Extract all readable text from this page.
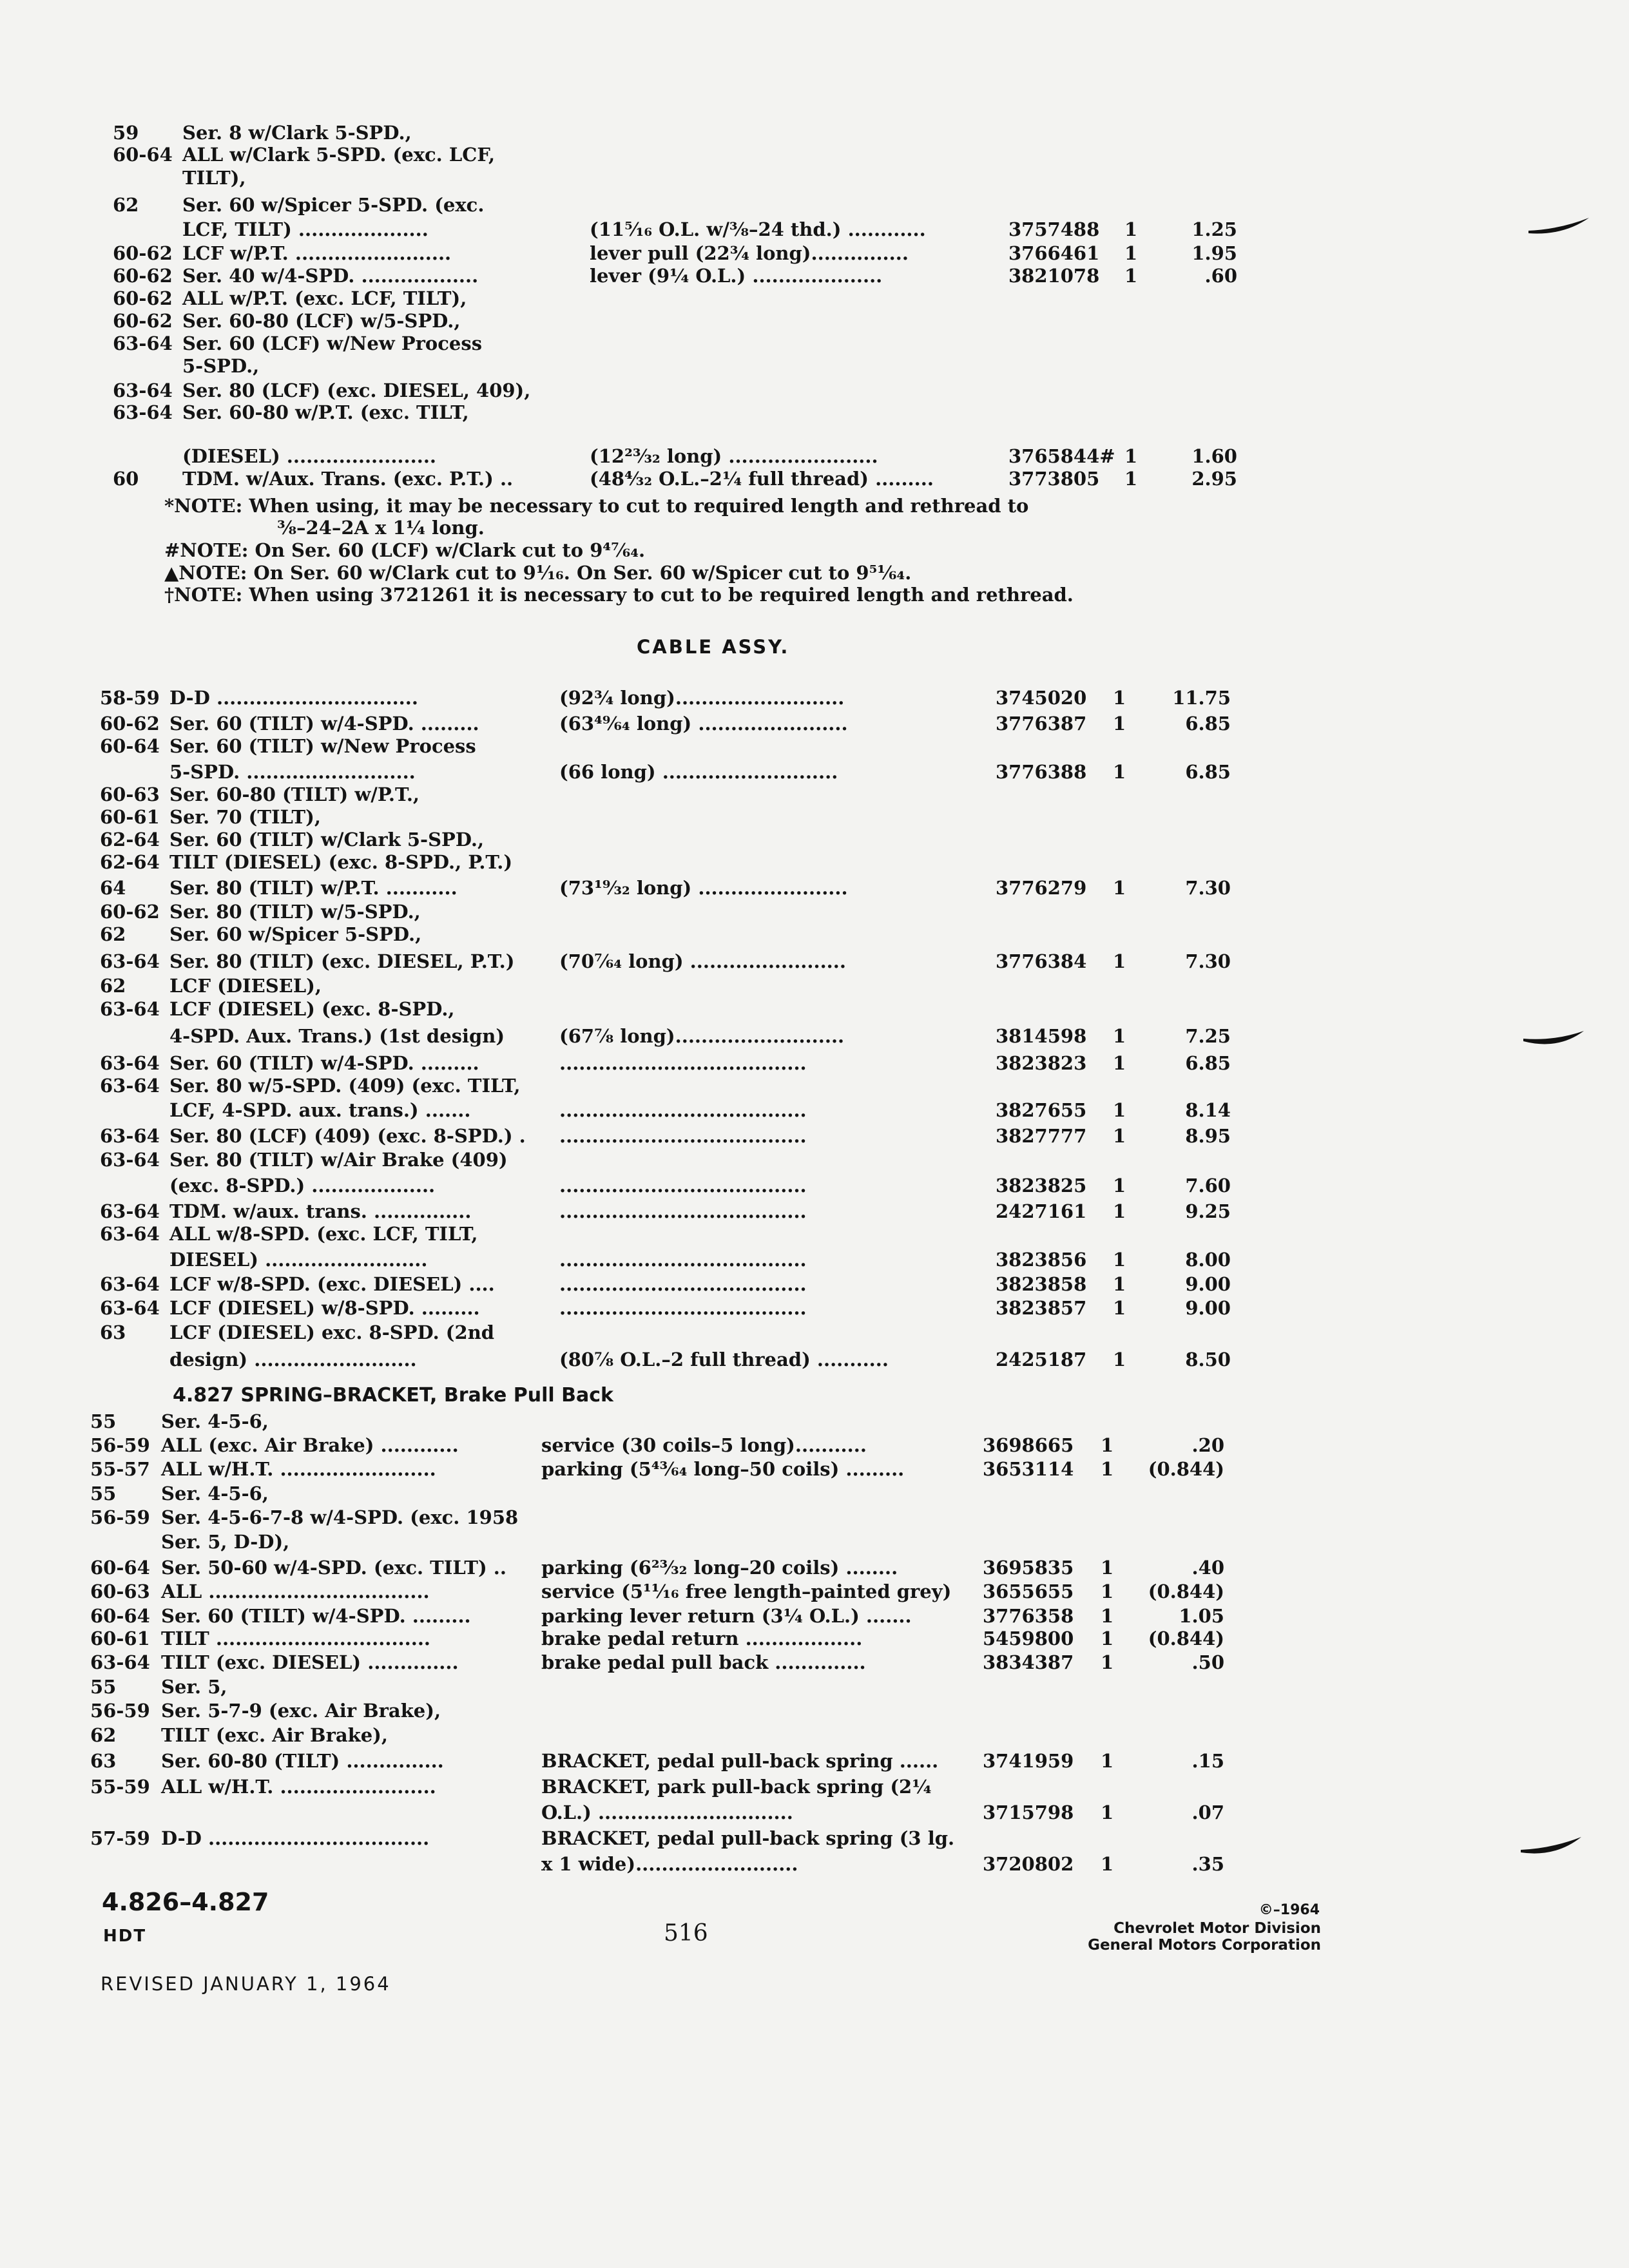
59	Ser. 8 w/Clark 5-SPD.,
60-64 ALL w/Clark 5-SPD. (exc. LCF,
TILT),
62	Ser. 60 w/Spicer 5-SPD. (exc.
LCF, TILT) ....................	(11⁵⁄₁₆ O.L. w/⅜–24 thd.) ............	3757488 1	1.25
60-62 LCF w/P.T. ........................	lever pull (22¾ long)...............	3766461 1	1.95
60-62 Ser. 40 w/4-SPD. ..................	lever (9¼ O.L.) ....................	3821078 1	.60
60-62 ALL w/P.T. (exc. LCF, TILT),
60-62 Ser. 60-80 (LCF) w/5-SPD.,
63-64 Ser. 60 (LCF) w/New Process
5-SPD.,
63-64 Ser. 80 (LCF) (exc. DIESEL, 409),
63-64 Ser. 60-80 w/P.T. (exc. TILT,
(DIESEL) .......................	(12²³⁄₃₂ long) .......................	3765844# 1	1.60
60	TDM. w/Aux. Trans. (exc. P.T.) ..	(48⁴⁄₃₂ O.L.–2¼ full thread) .........	3773805 1	2.95
*NOTE: When using, it may be necessary to cut to required length and rethread to
⅜–24–2A x 1¼ long.
#NOTE: On Ser. 60 (LCF) w/Clark cut to 9⁴⁷⁄₆₄.
▲NOTE: On Ser. 60 w/Clark cut to 9¹⁄₁₆. On Ser. 60 w/Spicer cut to 9⁵¹⁄₆₄.
†NOTE: When using 3721261 it is necessary to cut to be required length and rethread.
CABLE ASSY.
58-59 D-D ...............................	(92¾ long)..........................	3745020	1	11.75
60-62 Ser. 60 (TILT) w/4-SPD. .........	(63⁴⁹⁄₆₄ long) .......................	3776387	1	6.85
60-64 Ser. 60 (TILT) w/New Process
5-SPD. ..........................	(66 long) ...........................	3776388	1	6.85
60-63 Ser. 60-80 (TILT) w/P.T.,
60-61 Ser. 70 (TILT),
62-64 Ser. 60 (TILT) w/Clark 5-SPD.,
62-64 TILT (DIESEL) (exc. 8-SPD., P.T.)
64	Ser. 80 (TILT) w/P.T. ...........	(73¹⁹⁄₃₂ long) .......................	3776279	1	7.30
60-62 Ser. 80 (TILT) w/5-SPD.,
62	Ser. 60 w/Spicer 5-SPD.,
63-64 Ser. 80 (TILT) (exc. DIESEL, P.T.)	(70⁷⁄₆₄ long) ........................	3776384	1	7.30
62	LCF (DIESEL),
63-64 LCF (DIESEL) (exc. 8-SPD.,
4-SPD. Aux. Trans.) (1st design)	(67⅞ long)..........................	3814598	1	7.25
63-64 Ser. 60 (TILT) w/4-SPD. .........	......................................	3823823	1	6.85
63-64 Ser. 80 w/5-SPD. (409) (exc. TILT,
LCF, 4-SPD. aux. trans.) .......	......................................	3827655	1	8.14
63-64 Ser. 80 (LCF) (409) (exc. 8-SPD.) .	......................................	3827777	1	8.95
63-64 Ser. 80 (TILT) w/Air Brake (409)
(exc. 8-SPD.) ...................	......................................	3823825	1	7.60
63-64 TDM. w/aux. trans. ...............	......................................	2427161	1	9.25
63-64 ALL w/8-SPD. (exc. LCF, TILT,
DIESEL) .........................	......................................	3823856	1	8.00
63-64 LCF w/8-SPD. (exc. DIESEL) ....	......................................	3823858	1	9.00
63-64 LCF (DIESEL) w/8-SPD. .........	......................................	3823857	1	9.00
63	LCF (DIESEL) exc. 8-SPD. (2nd
design) .........................	(80⅞ O.L.–2 full thread) ...........	2425187	1	8.50
4.827 SPRING–BRACKET, Brake Pull Back
55	Ser. 4-5-6,
56-59 ALL (exc. Air Brake) ............	service (30 coils–5 long)...........	3698665	1	.20
55-57 ALL w/H.T. ........................	parking (5⁴³⁄₆₄ long–50 coils) .........	3653114	1	(0.844)
55	Ser. 4-5-6,
56-59 Ser. 4-5-6-7-8 w/4-SPD. (exc. 1958
Ser. 5, D-D),
60-64 Ser. 50-60 w/4-SPD. (exc. TILT) ..	parking (6²³⁄₃₂ long–20 coils) ........	3695835	1	.40
60-63 ALL ..................................	service (5¹¹⁄₁₆ free length–painted grey)	3655655	1	(0.844)
60-64 Ser. 60 (TILT) w/4-SPD. .........	parking lever return (3¼ O.L.) .......	3776358	1	1.05
60-61 TILT .................................	brake pedal return ..................	5459800	1	(0.844)
63-64 TILT (exc. DIESEL) ..............	brake pedal pull back ..............	3834387	1	.50
55	Ser. 5,
56-59 Ser. 5-7-9 (exc. Air Brake),
62	TILT (exc. Air Brake),
63	Ser. 60-80 (TILT) ...............	BRACKET, pedal pull-back spring ......	3741959	1	.15
55-59 ALL w/H.T. ........................	BRACKET, park pull-back spring (2¼
O.L.) ..............................	3715798	1	.07
57-59 D-D ..................................	BRACKET, pedal pull-back spring (3 lg.
x 1 wide).........................	3720802	1	.35
4.826–4.827
HDT	516
REVISED JANUARY 1, 1964
©–1964
Chevrolet Motor Division
General Motors Corporation
